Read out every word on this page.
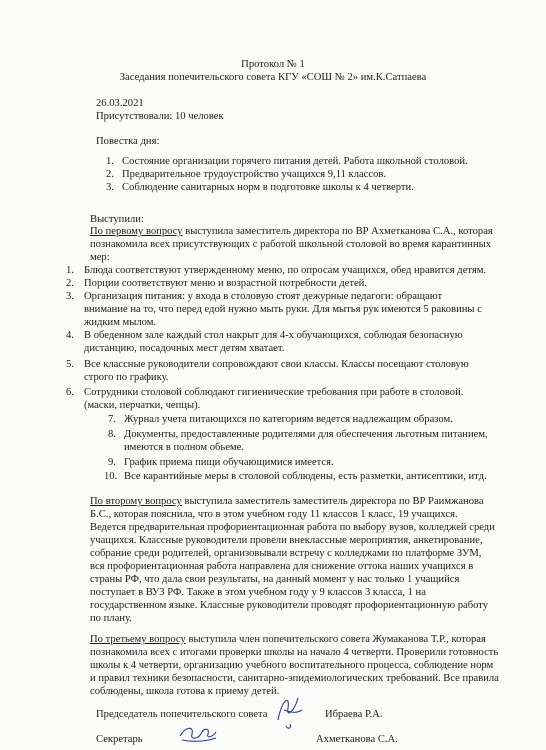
Протокол № 1
Заседания попечительского совета КГУ «СОШ № 2» им.К.Сатпаева
26.03.2021
Присутствовали: 10 человек
Повестка дня:
1. Состояние организации горячего питания детей. Работа школьной столовой.
2. Предварительное трудоустройство учащихся 9,11 классов.
3. Соблюдение санитарных норм в подготовке школы к 4 четверти.
Выступили:
По первому вопросу выступила заместитель директора по ВР Ахметканова С.А., которая
познакомила всех присутствующих с работой школьной столовой во время карантинных
мер:
1. Блюда соответствуют утвержденному меню, по опросам учащихся, обед нравится детям.
2. Порции соответствуют меню и возрастной потребности детей.
3. Организация питания: у входа в столовую стоят дежурные педагоги: обращают
внимание на то, что перед едой нужно мыть руки. Для мытья рук имеются 5 раковины с
жидким мылом.
4. В обеденном зале каждый стол накрыт для 4-х обучающихся, соблюдая безопасную
дистанцию, посадочных мест детям хватает.
5. Все классные руководители сопровождают свои классы. Классы посещают столовую
строго по графику.
6. Сотрудники столовой соблюдают гигиенические требования при работе в столовой.
(маски, перчатки, чепцы).
7. Журнал учета питающихся по категориям ведется надлежащим образом.
8. Документы, предоставленные родителями для обеспечения льготным питанием,
имеются в полном обьеме.
9. График приема пищи обучающимися имеется.
10. Все карантийные меры в столовой соблюдены, есть разметки, антисептики, итд.
По второму вопросу выступила заместитель заместитель директора по ВР Раимжанова
Б.С., которая пояснила, что в этом учебном году 11 классов 1 класс, 19 учащихся.
Ведется предварительная профориентационная работа по выбору вузов, колледжей среди
учащихся. Классные руководители провели внеклассные мероприятия, анкетирование,
собрание среди родителей, организовывали встречу с колледжами по платформе ЗУМ,
вся профориентационная работа направлена для снижение оттока наших учащихся в
страны РФ, что дала свои результаты, на данный момент у нас только 1 учащийся
поступает в ВУЗ РФ. Также в этом учебном году у 9 классов 3 класса, 1 на
государственном языке. Классные руководители проводят профориентационную работу
по плану.
По третьему вопросу выступила член попечительского совета Жумаканова Т.Р., которая
познакомила всех с итогами проверки школы на начало 4 четверти. Проверили готовность
школы к 4 четверти, организацию учебного воспитательного процесса, соблюдение норм
и правил техники безопасности, санитарно-эпидемиологических требований. Все правила
соблюдены, школа готова к приему детей.
Председатель попечительского совета	Ибраева Р.А.
Секретарь	Ахметканова С.А.
